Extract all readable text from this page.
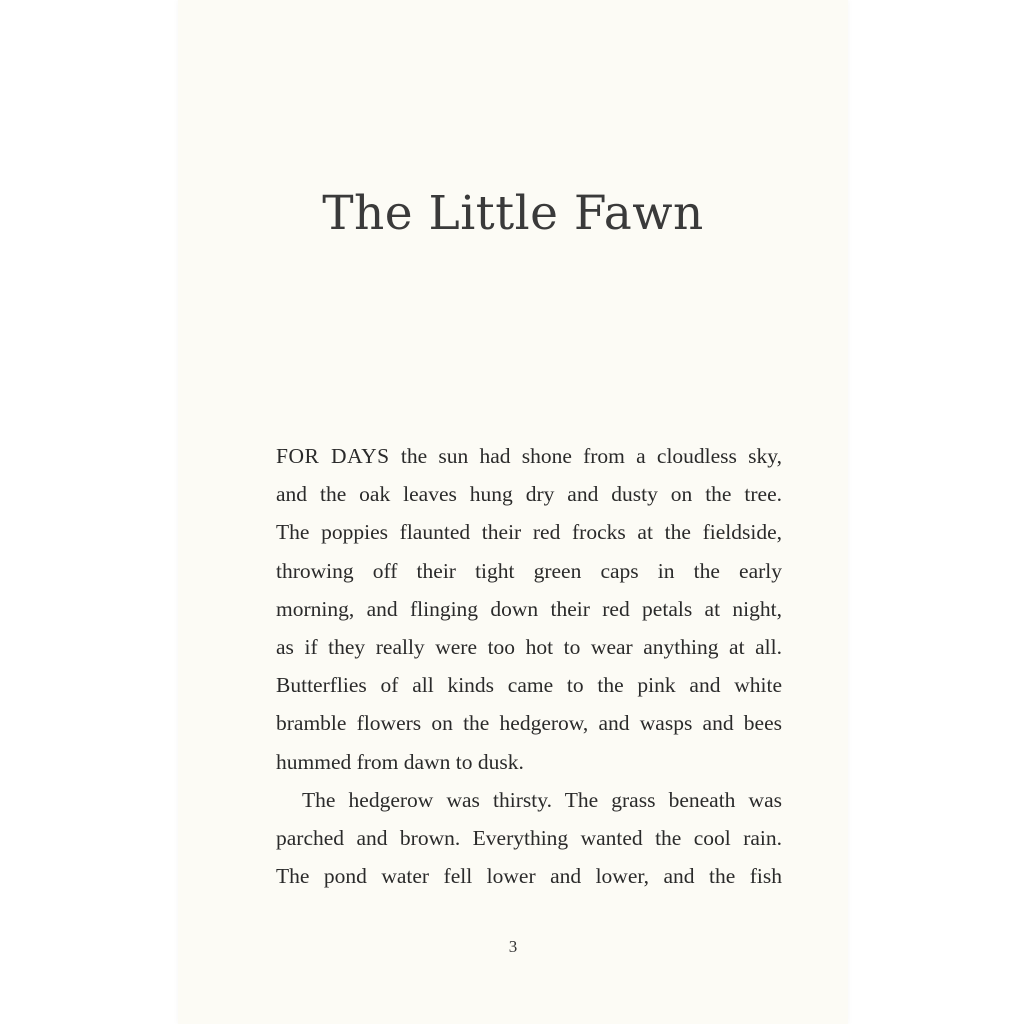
The Little Fawn
FOR DAYS the sun had shone from a cloudless sky,
and the oak leaves hung dry and dusty on the tree.
The poppies flaunted their red frocks at the fieldside,
throwing off their tight green caps in the early
morning, and flinging down their red petals at night,
as if they really were too hot to wear anything at all.
Butterflies of all kinds came to the pink and white
bramble flowers on the hedgerow, and wasps and bees
hummed from dawn to dusk.
The hedgerow was thirsty. The grass beneath was
parched and brown. Everything wanted the cool rain.
The pond water fell lower and lower, and the fish
3
